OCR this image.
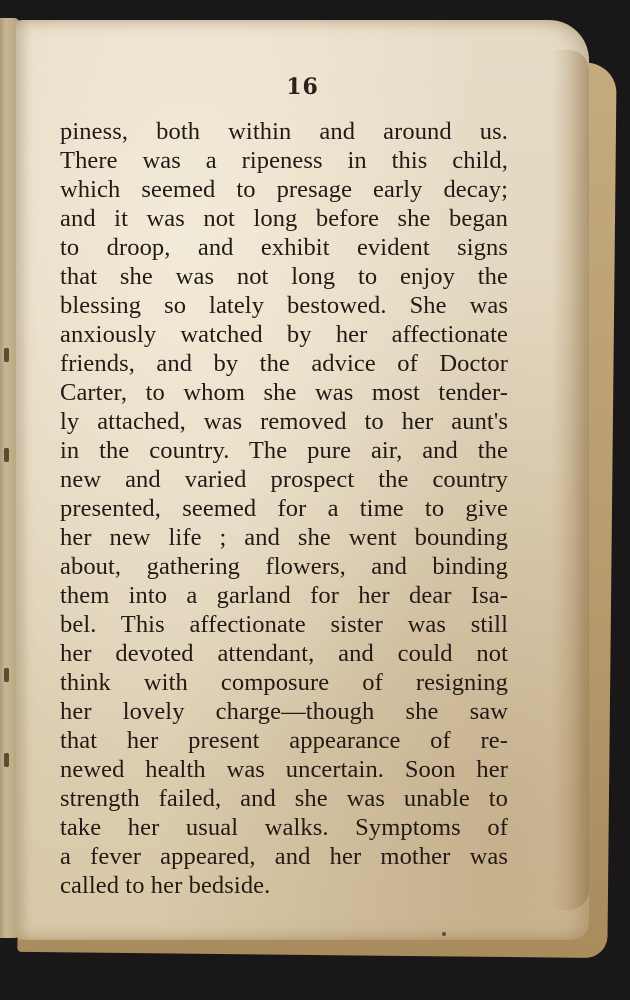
16
piness, both within and around us.
There was a ripeness in this child,
which seemed to presage early decay;
and it was not long before she began
to droop, and exhibit evident signs
that she was not long to enjoy the
blessing so lately bestowed. She was
anxiously watched by her affectionate
friends, and by the advice of Doctor
Carter, to whom she was most tender-
ly attached, was removed to her aunt's
in the country. The pure air, and the
new and varied prospect the country
presented, seemed for a time to give
her new life ; and she went bounding
about, gathering flowers, and binding
them into a garland for her dear Isa-
bel. This affectionate sister was still
her devoted attendant, and could not
think with composure of resigning
her lovely charge—though she saw
that her present appearance of re-
newed health was uncertain. Soon her
strength failed, and she was unable to
take her usual walks. Symptoms of
a fever appeared, and her mother was
called to her bedside.
